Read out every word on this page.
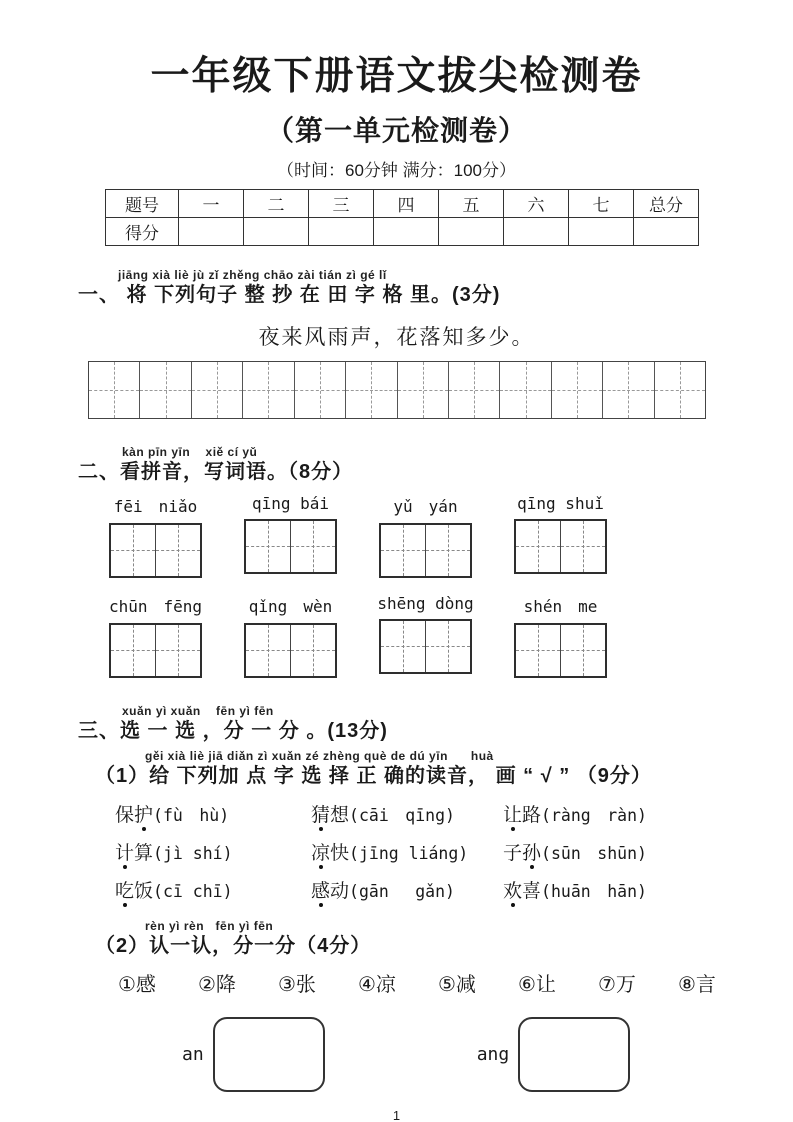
一年级下册语文拔尖检测卷
（第一单元检测卷）
（时间：60分钟 满分：100分）
题号	一	二	三	四	五	六	七	总分
得分								
jiāng xià liè jù zǐ zhěng chāo zài tián zì gé lǐ
一、 将 下列句子 整 抄 在 田 字 格 里。(3分)
夜来风雨声，花落知多少。
kàn pīn yīn    xiě cí yǔ
二、看拼音，写词语。（8分）
fēi　niǎo	qīng bái	yǔ　yán	qīng shuǐ
chūn　fēng	qǐng　wèn	shēng dòng	shén　me
xuǎn yì xuǎn    fēn yì fēn
三、选 一 选 ，分 一 分 。(13分)
gěi xià liè jiā diǎn zì xuǎn zé zhèng què de dú yīn      huà
（1）给 下列加 点 字 选 择 正 确的读音， 画 “ √ ” （9分）
保护(fù　hù)	猜想(cāi　qīng)	让路(ràng　ràn)
计算(jì shí)	凉快(jīng liáng)	子孙(sūn　shūn)
吃饭(cī chī)	感动(gān　 gǎn)	欢喜(huān　hān)
rèn yì rèn   fēn yì fēn
（2）认一认，分一分（4分）
①感 ②降 ③张 ④凉 ⑤减 ⑥让 ⑦万 ⑧言
an	ang
1
